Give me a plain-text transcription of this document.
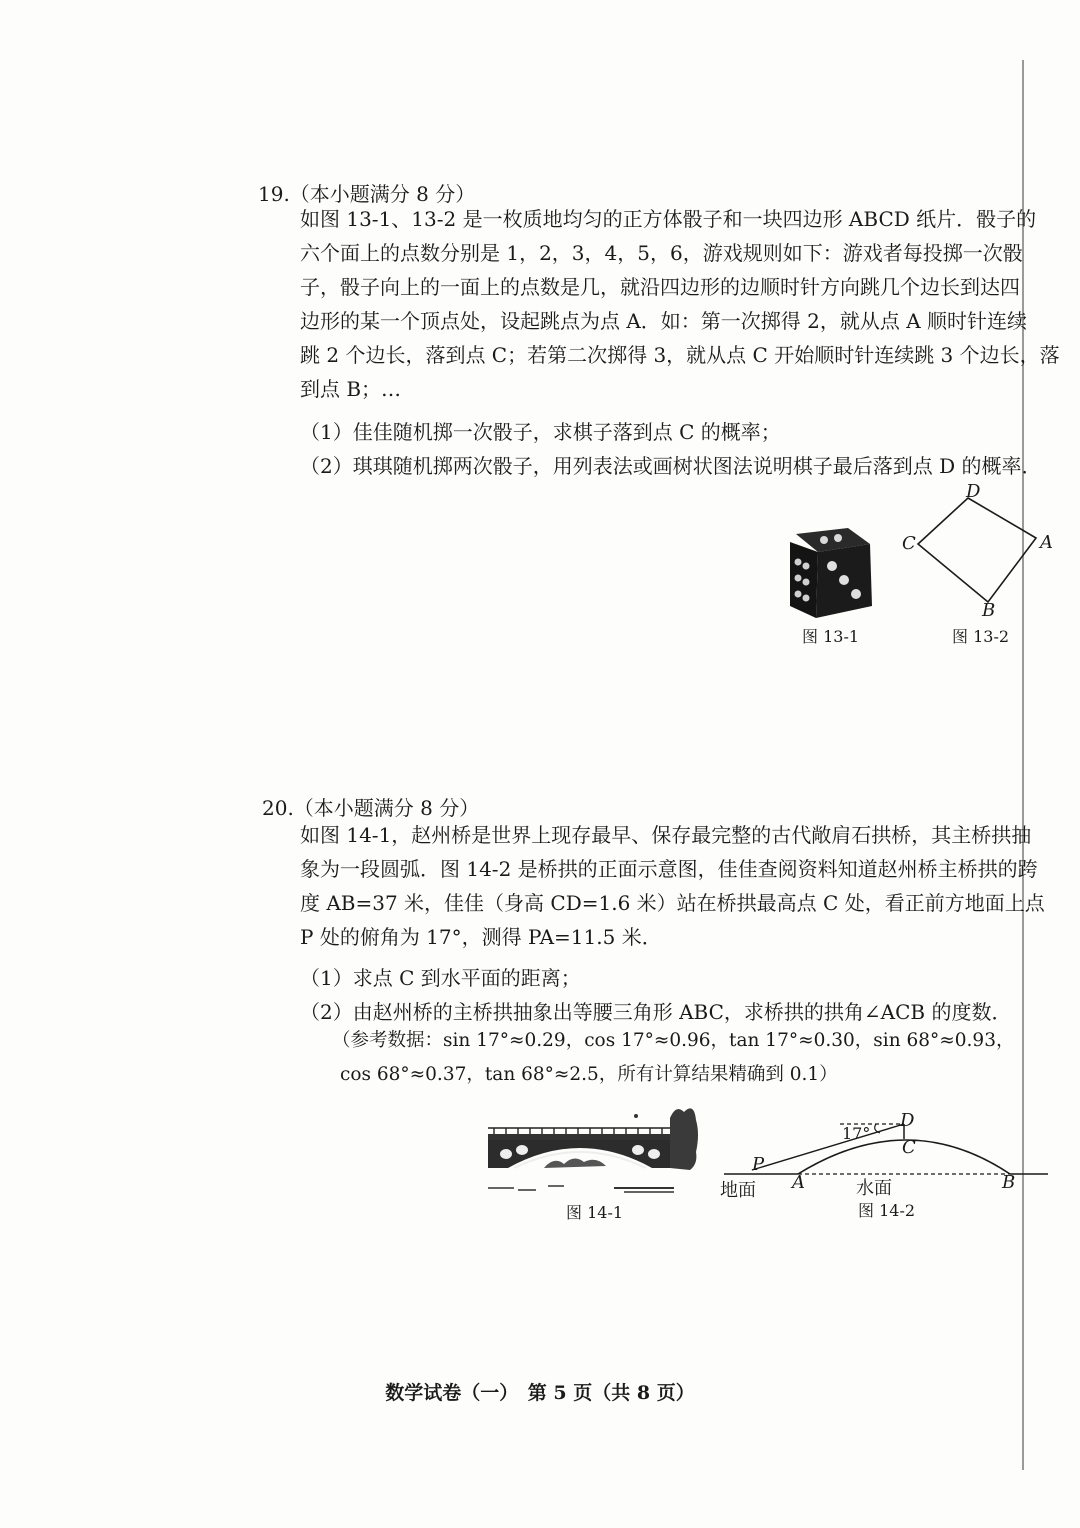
19.（本小题满分 8 分）
如图 13-1、13-2 是一枚质地均匀的正方体骰子和一块四边形 ABCD 纸片．骰子的
六个面上的点数分别是 1，2，3，4，5，6，游戏规则如下：游戏者每投掷一次骰
子，骰子向上的一面上的点数是几，就沿四边形的边顺时针方向跳几个边长到达四
边形的某一个顶点处，设起跳点为点 A．如：第一次掷得 2，就从点 A 顺时针连续
跳 2 个边长，落到点 C；若第二次掷得 3，就从点 C 开始顺时针连续跳 3 个边长，落
到点 B；…
（1）佳佳随机掷一次骰子，求棋子落到点 C 的概率；
（2）琪琪随机掷两次骰子，用列表法或画树状图法说明棋子最后落到点 D 的概率．
图 13-1
D
A
B
C
图 13-2
20.（本小题满分 8 分）
如图 14-1，赵州桥是世界上现存最早、保存最完整的古代敞肩石拱桥，其主桥拱抽
象为一段圆弧．图 14-2 是桥拱的正面示意图，佳佳查阅资料知道赵州桥主桥拱的跨
度 AB=37 米，佳佳（身高 CD=1.6 米）站在桥拱最高点 C 处，看正前方地面上点
P 处的俯角为 17°，测得 PA=11.5 米．
（1）求点 C 到水平面的距离；
（2）由赵州桥的主桥拱抽象出等腰三角形 ABC，求桥拱的拱角∠ACB 的度数．
（参考数据：sin 17°≈0.29，cos 17°≈0.96，tan 17°≈0.30，sin 68°≈0.93，
cos 68°≈0.37，tan 68°≈2.5，所有计算结果精确到 0.1）
图 14-1
17°
D
C
P
A	B
地面	水面
图 14-2
数学试卷（一）　第 5 页（共 8 页）
